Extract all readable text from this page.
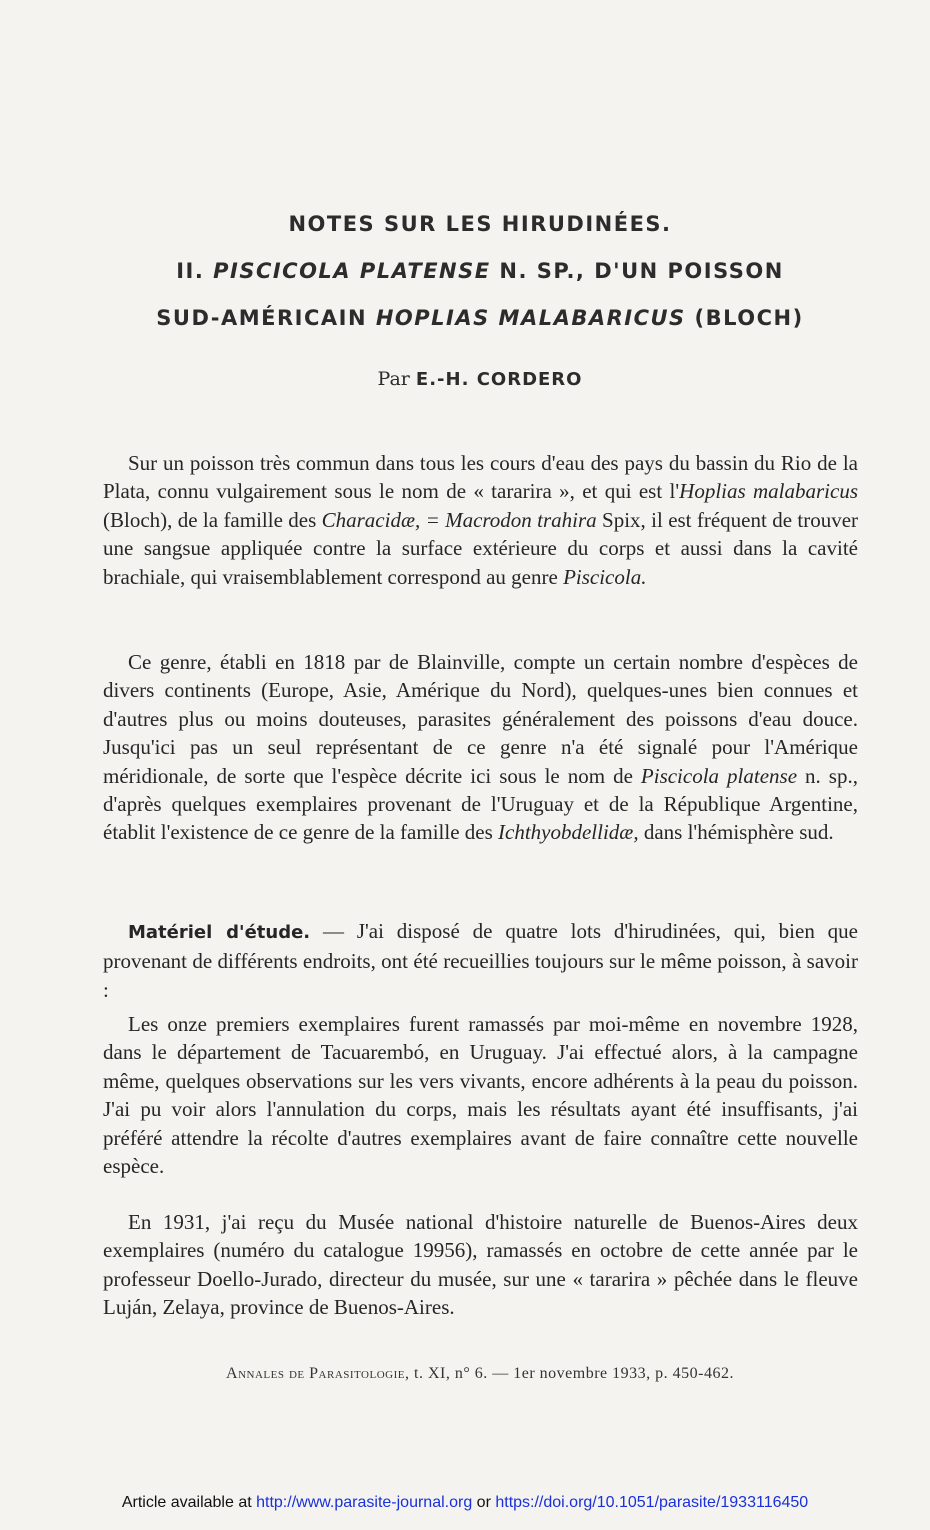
NOTES SUR LES HIRUDINÉES.
II. PISCICOLA PLATENSE N. SP., D'UN POISSON
SUD-AMÉRICAIN HOPLIAS MALABARICUS (BLOCH)
Par E.-H. CORDERO

Sur un poisson très commun dans tous les cours d'eau des pays du bassin du Rio de la Plata, connu vulgairement sous le nom de « tararira », et qui est l'Hoplias malabaricus (Bloch), de la famille des Characidæ, = Macrodon trahira Spix, il est fréquent de trouver une sangsue appliquée contre la surface extérieure du corps et aussi dans la cavité brachiale, qui vraisemblablement correspond au genre Piscicola.

Ce genre, établi en 1818 par de Blainville, compte un certain nombre d'espèces de divers continents (Europe, Asie, Amérique du Nord), quelques-unes bien connues et d'autres plus ou moins douteuses, parasites généralement des poissons d'eau douce. Jusqu'ici pas un seul représentant de ce genre n'a été signalé pour l'Amérique méridionale, de sorte que l'espèce décrite ici sous le nom de Piscicola platense n. sp., d'après quelques exemplaires provenant de l'Uruguay et de la République Argentine, établit l'existence de ce genre de la famille des Ichthyobdellidæ, dans l'hémisphère sud.

Matériel d'étude. — J'ai disposé de quatre lots d'hirudinées, qui, bien que provenant de différents endroits, ont été recueillies toujours sur le même poisson, à savoir :

Les onze premiers exemplaires furent ramassés par moi-même en novembre 1928, dans le département de Tacuarembó, en Uruguay. J'ai effectué alors, à la campagne même, quelques observations sur les vers vivants, encore adhérents à la peau du poisson. J'ai pu voir alors l'annulation du corps, mais les résultats ayant été insuffisants, j'ai préféré attendre la récolte d'autres exemplaires avant de faire connaître cette nouvelle espèce.

En 1931, j'ai reçu du Musée national d'histoire naturelle de Buenos-Aires deux exemplaires (numéro du catalogue 19956), ramassés en octobre de cette année par le professeur Doello-Jurado, directeur du musée, sur une « tararira » pêchée dans le fleuve Luján, Zelaya, province de Buenos-Aires.

Annales de Parasitologie, t. XI, n° 6. — 1er novembre 1933, p. 450-462.
Article available at http://www.parasite-journal.org or https://doi.org/10.1051/parasite/1933116450
